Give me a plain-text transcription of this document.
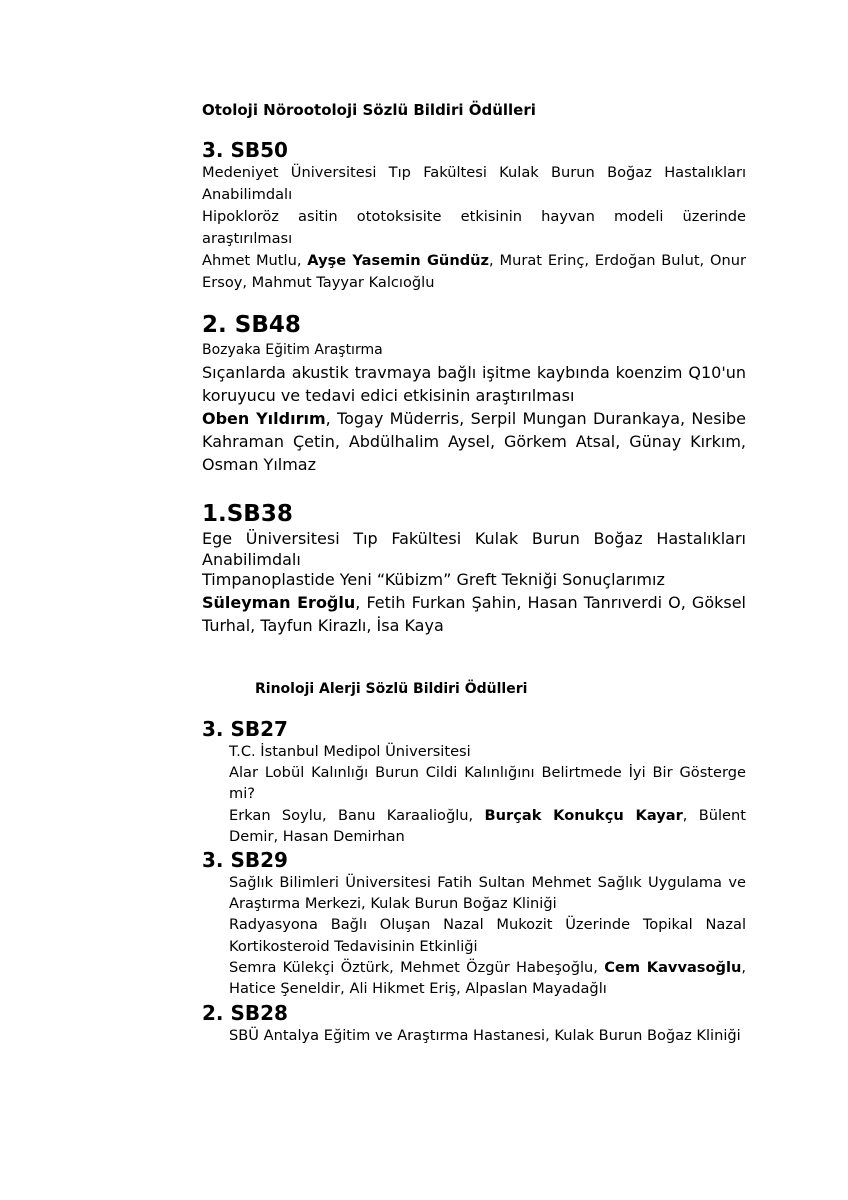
Otoloji Nörootoloji Sözlü Bildiri Ödülleri
3. SB50

Medeniyet Üniversitesi Tıp Fakültesi Kulak Burun Boğaz Hastalıkları Anabilimdalı

Hipokloröz asitin ototoksisite etkisinin hayvan modeli üzerinde araştırılması

Ahmet Mutlu, Ayşe Yasemin Gündüz, Murat Erinç, Erdoğan Bulut, Onur Ersoy, Mahmut Tayyar Kalcıoğlu

2. SB48

Bozyaka Eğitim Araştırma

Sıçanlarda akustik travmaya bağlı işitme kaybında koenzim Q10'un koruyucu ve tedavi edici etkisinin araştırılması

Oben Yıldırım, Togay Müderris, Serpil Mungan Durankaya, Nesibe Kahraman Çetin, Abdülhalim Aysel, Görkem Atsal, Günay Kırkım, Osman Yılmaz

1.SB38

Ege Üniversitesi Tıp Fakültesi Kulak Burun Boğaz Hastalıkları Anabilimdalı

Timpanoplastide Yeni “Kübizm” Greft Tekniği Sonuçlarımız

Süleyman Eroğlu, Fetih Furkan Şahin, Hasan Tanrıverdi O, Göksel Turhal, Tayfun Kirazlı, İsa Kaya

Rinoloji Alerji Sözlü Bildiri Ödülleri
3. SB27

T.C. İstanbul Medipol Üniversitesi

Alar Lobül Kalınlığı Burun Cildi Kalınlığını Belirtmede İyi Bir Gösterge mi?

Erkan Soylu, Banu Karaalioğlu, Burçak Konukçu Kayar, Bülent Demir, Hasan Demirhan

3. SB29

Sağlık Bilimleri Üniversitesi Fatih Sultan Mehmet Sağlık Uygulama ve Araştırma Merkezi, Kulak Burun Boğaz Kliniği

Radyasyona Bağlı Oluşan Nazal Mukozit Üzerinde Topikal Nazal Kortikosteroid Tedavisinin Etkinliği

Semra Külekçi Öztürk, Mehmet Özgür Habeşoğlu, Cem Kavvasoğlu, Hatice Şeneldir, Ali Hikmet Eriş, Alpaslan Mayadağlı

2. SB28

SBÜ Antalya Eğitim ve Araştırma Hastanesi, Kulak Burun Boğaz Kliniği
